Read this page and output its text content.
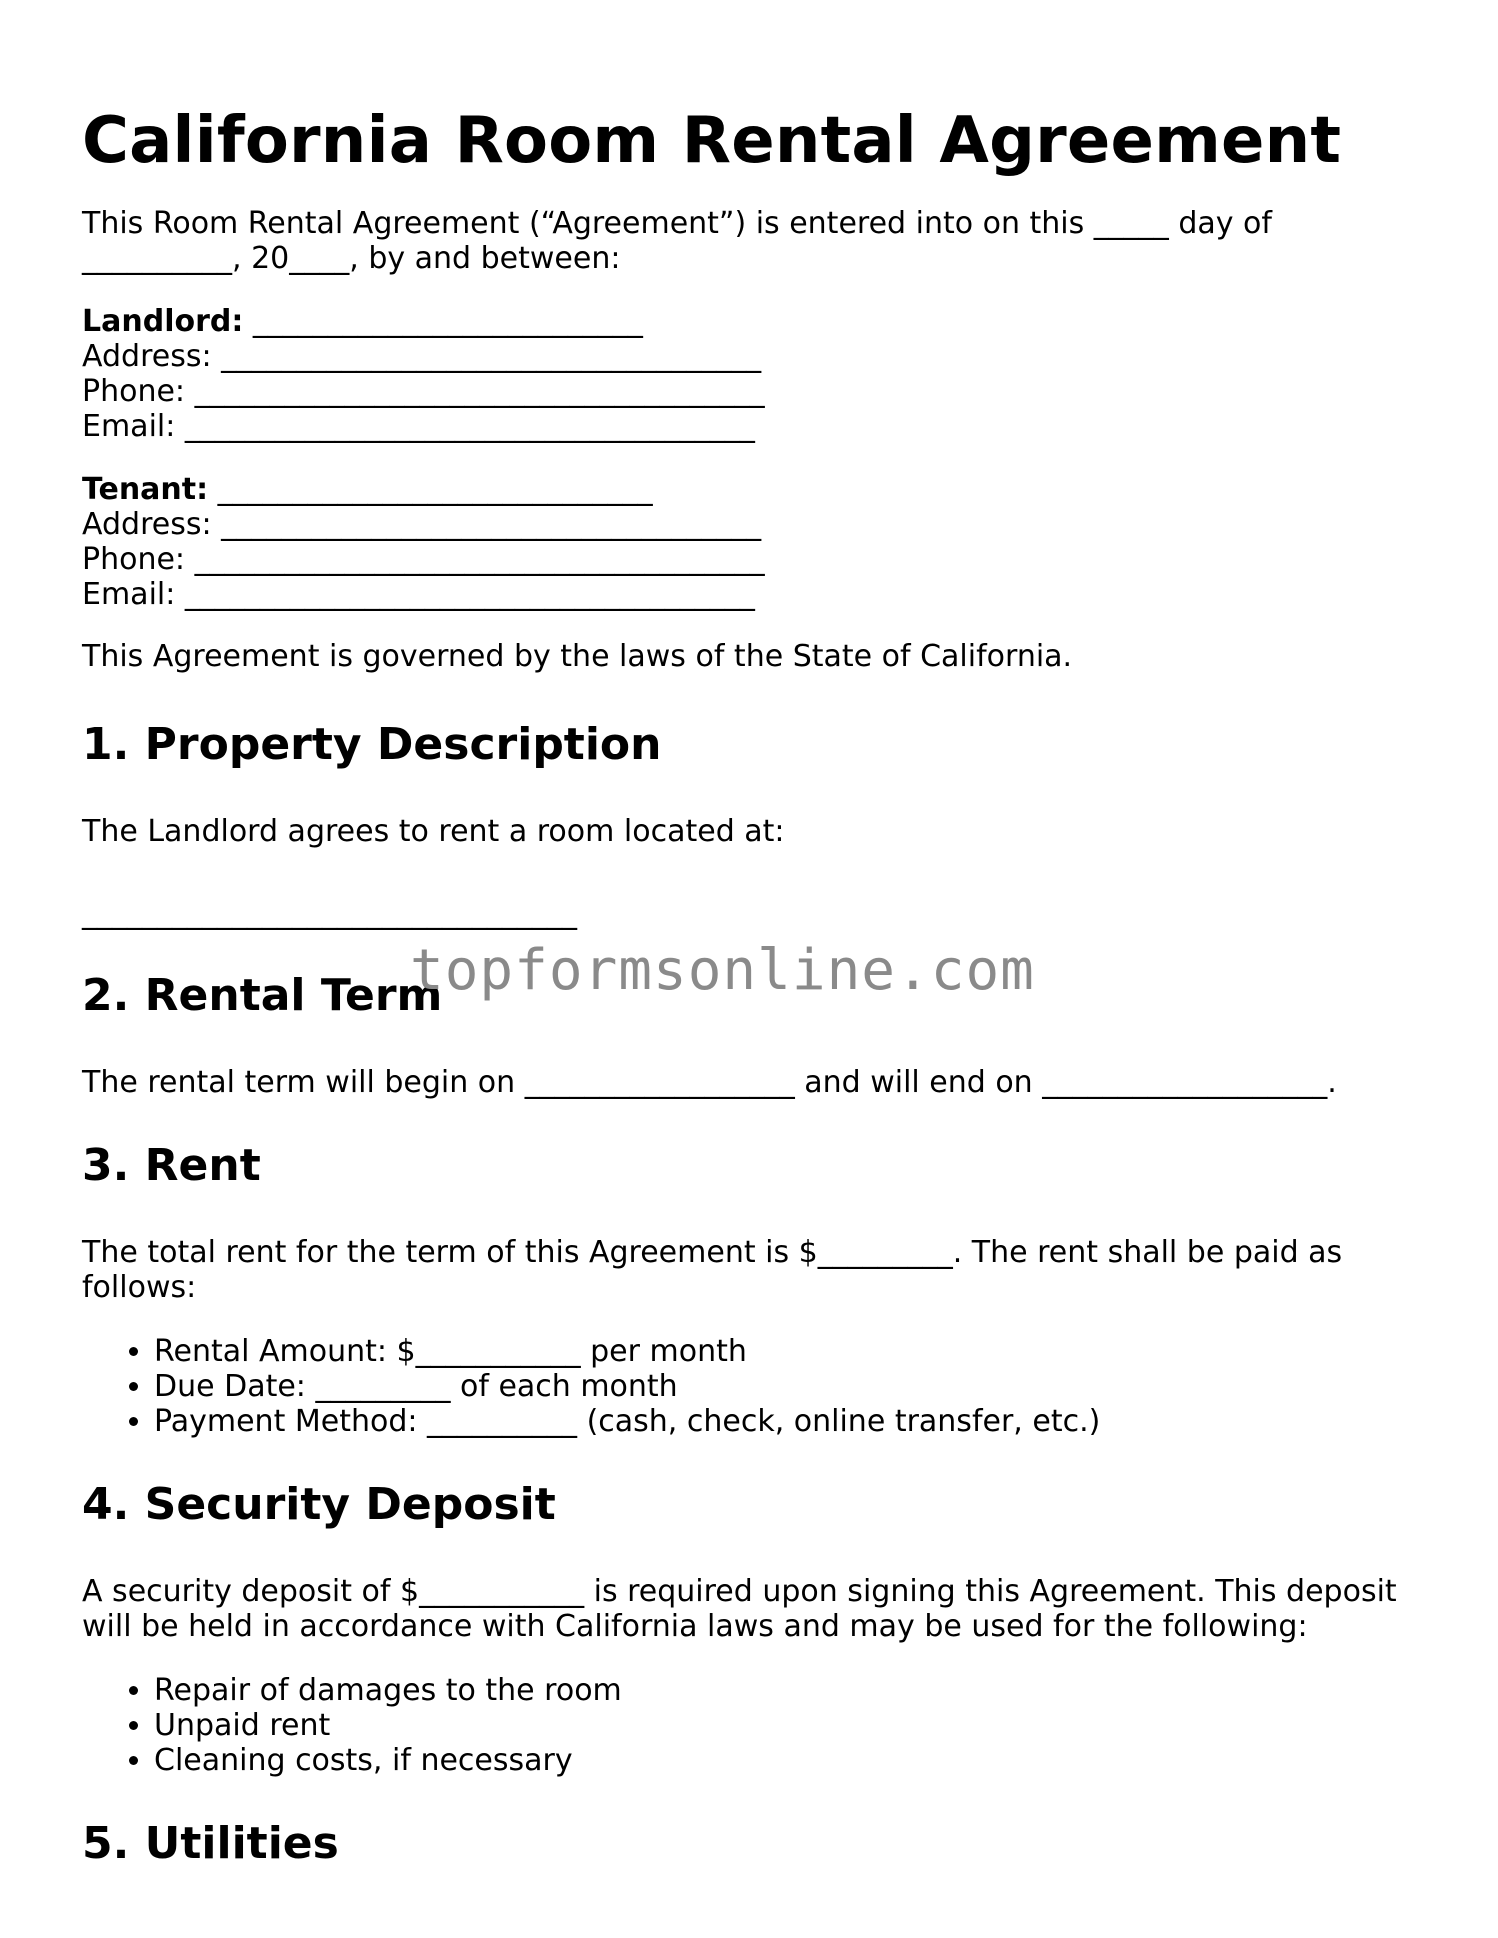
California Room Rental Agreement

This Room Rental Agreement (“Agreement”) is entered into on this _____ day of
__________, 20____, by and between:

Landlord: __________________________
Address: ____________________________________
Phone: ______________________________________
Email: ______________________________________
Tenant: _____________________________
Address: ____________________________________
Phone: ______________________________________
Email: ______________________________________

This Agreement is governed by the laws of the State of California.

1. Property Description

The Landlord agrees to rent a room located at:

_________________________________

2. Rental Term

The rental term will begin on __________________ and will end on ___________________.

3. Rent

The total rent for the term of this Agreement is $_________. The rent shall be paid as
follows:

• Rental Amount: $___________ per month
• Due Date: _________ of each month
• Payment Method: __________ (cash, check, online transfer, etc.)
4. Security Deposit

A security deposit of $___________ is required upon signing this Agreement. This deposit
will be held in accordance with California laws and may be used for the following:

• Repair of damages to the room
• Unpaid rent
• Cleaning costs, if necessary
5. Utilities
topformsonline.com
